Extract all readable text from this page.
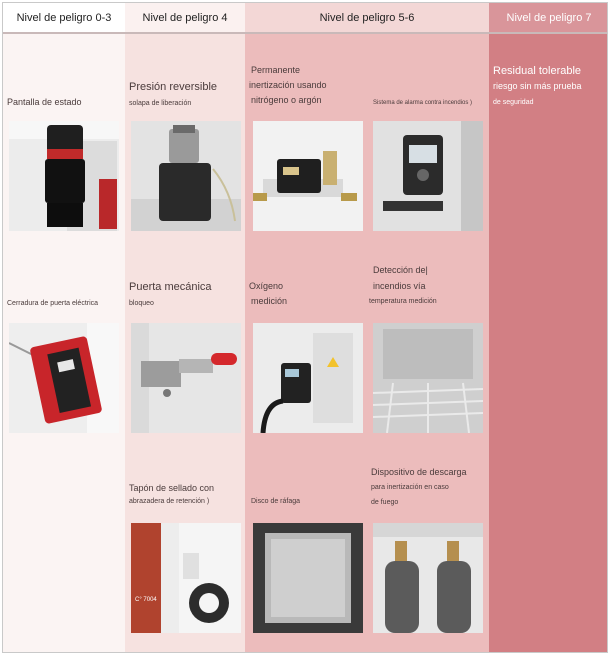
Nivel de peligro 0-3	Nivel de peligro 4	Nivel de peligro 5-6	Nivel de peligro 7
Pantalla de estado
Cerradura de puerta eléctrica
Presión reversible
solapa de liberación
Puerta mecánica
bloqueo
Tapón de sellado con
abrazadera de retención )
C° 7004
Permanente
inertización usando
nitrógeno o argón
Oxígeno
medición
Disco de ráfaga
Sistema de alarma contra incendios )
Detección de|
incendios vía
temperatura medición
Dispositivo de descarga
para inertización en caso
de fuego
Residual tolerable
riesgo sin más prueba
de seguridad
